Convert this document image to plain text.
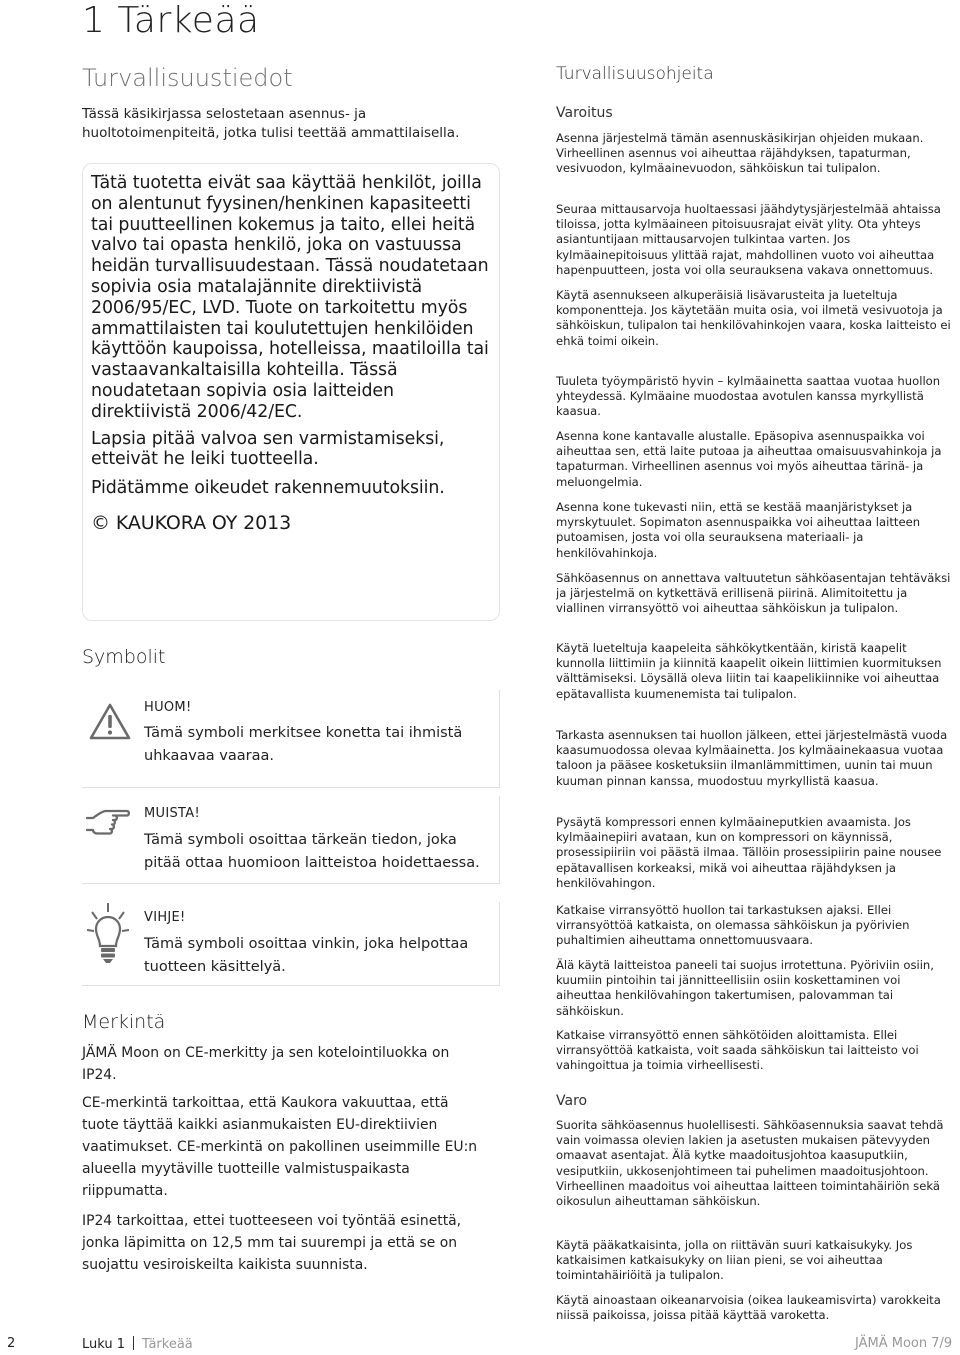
1 Tärkeää
Turvallisuustiedot
Tässä käsikirjassa selostetaan asennus- ja huoltotoimenpiteitä, jotka tulisi teettää ammattilaisella.

Tätä tuotetta eivät saa käyttää henkilöt, joilla on alentunut fyysinen/henkinen kapasiteetti tai puutteellinen kokemus ja taito, ellei heitä valvo tai opasta henkilö, joka on vastuussa heidän turvallisuudestaan. Tässä noudatetaan sopivia osia matalajännite direktiivistä 2006/95/EC, LVD. Tuote on tarkoitettu myös ammattilaisten tai koulutettujen henkilöiden käyttöön kaupoissa, hotelleissa, maatiloilla tai vastaavankaltaisilla kohteilla. Tässä noudatetaan sopivia osia laitteiden direktiivistä 2006/42/EC.

Lapsia pitää valvoa sen varmistamiseksi, etteivät he leiki tuotteella.

Pidätämme oikeudet rakennemuutoksiin.

© KAUKORA OY 2013

Symbolit
HUOM!
Tämä symboli merkitsee konetta tai ihmistä uhkaavaa vaaraa.
MUISTA!
Tämä symboli osoittaa tärkeän tiedon, joka pitää ottaa huomioon laitteistoa hoidettaessa.
VIHJE!
Tämä symboli osoittaa vinkin, joka helpottaa tuotteen käsittelyä.
Merkintä

JÄMÄ Moon on CE-merkitty ja sen kotelointiluokka on IP24.

CE-merkintä tarkoittaa, että Kaukora vakuuttaa, että tuote täyttää kaikki asianmukaisten EU-direktiivien vaatimukset. CE-merkintä on pakollinen useimmille EU:n alueella myytäville tuotteille valmistuspaikasta riippumatta.

IP24 tarkoittaa, ettei tuotteeseen voi työntää esinettä, jonka läpimitta on 12,5 mm tai suurempi ja että se on suojattu vesiroiskeilta kaikista suunnista.

Turvallisuusohjeita
Varoitus

Asenna järjestelmä tämän asennuskäsikirjan ohjeiden mukaan. Virheellinen asennus voi aiheuttaa räjähdyksen, tapaturman, vesivuodon, kylmäainevuodon, sähköiskun tai tulipalon.

Seuraa mittausarvoja huoltaessasi jäähdytysjärjestelmää ahtaissa tiloissa, jotta kylmäaineen pitoisuusrajat eivät ylity. Ota yhteys asiantuntijaan mittausarvojen tulkintaa varten. Jos kylmäainepitoisuus ylittää rajat, mahdollinen vuoto voi aiheuttaa hapenpuutteen, josta voi olla seurauksena vakava onnettomuus.

Käytä asennukseen alkuperäisiä lisävarusteita ja lueteltuja komponentteja. Jos käytetään muita osia, voi ilmetä vesivuotoja ja sähköiskun, tulipalon tai henkilövahinkojen vaara, koska laitteisto ei ehkä toimi oikein.

Tuuleta työympäristö hyvin – kylmäainetta saattaa vuotaa huollon yhteydessä. Kylmäaine muodostaa avotulen kanssa myrkyllistä kaasua.

Asenna kone kantavalle alustalle. Epäsopiva asennuspaikka voi aiheuttaa sen, että laite putoaa ja aiheuttaa omaisuusvahinkoja ja tapaturman. Virheellinen asennus voi myös aiheuttaa tärinä- ja meluongelmia.

Asenna kone tukevasti niin, että se kestää maanjäristykset ja myrskytuulet. Sopimaton asennuspaikka voi aiheuttaa laitteen putoamisen, josta voi olla seurauksena materiaali- ja henkilövahinkoja.

Sähköasennus on annettava valtuutetun sähköasentajan tehtäväksi ja järjestelmä on kytkettävä erillisenä piirinä. Alimitoitettu ja viallinen virransyöttö voi aiheuttaa sähköiskun ja tulipalon.

Käytä lueteltuja kaapeleita sähkökytkentään, kiristä kaapelit kunnolla liittimiin ja kiinnitä kaapelit oikein liittimien kuormituksen välttämiseksi. Löysällä oleva liitin tai kaapelikiinnike voi aiheuttaa epätavallista kuumenemista tai tulipalon.

Tarkasta asennuksen tai huollon jälkeen, ettei järjestelmästä vuoda kaasumuodossa olevaa kylmäainetta. Jos kylmäainekaasua vuotaa taloon ja pääsee kosketuksiin ilmanlämmittimen, uunin tai muun kuuman pinnan kanssa, muodostuu myrkyllistä kaasua.

Pysäytä kompressori ennen kylmäaineputkien avaamista. Jos kylmäainepiiri avataan, kun on kompressori on käynnissä, prosessipiiriin voi päästä ilmaa. Tällöin prosessipiirin paine nousee epätavallisen korkeaksi, mikä voi aiheuttaa räjähdyksen ja henkilövahingon.

Katkaise virransyöttö huollon tai tarkastuksen ajaksi. Ellei virransyöttöä katkaista, on olemassa sähköiskun ja pyörivien puhaltimien aiheuttama onnettomuusvaara.

Älä käytä laitteistoa paneeli tai suojus irrotettuna. Pyöriviin osiin, kuumiin pintoihin tai jännitteellisiin osiin koskettaminen voi aiheuttaa henkilövahingon takertumisen, palovamman tai sähköiskun.

Katkaise virransyöttö ennen sähkötöiden aloittamista. Ellei virransyöttöä katkaista, voit saada sähköiskun tai laitteisto voi vahingoittua ja toimia virheellisesti.

Varo

Suorita sähköasennus huolellisesti. Sähköasennuksia saavat tehdä vain voimassa olevien lakien ja asetusten mukaisen pätevyyden omaavat asentajat. Älä kytke maadoitusjohtoa kaasuputkiin, vesiputkiin, ukkosenjohtimeen tai puhelimen maadoitusjohtoon. Virheellinen maadoitus voi aiheuttaa laitteen toimintahäiriön sekä oikosulun aiheuttaman sähköiskun.

Käytä pääkatkaisinta, jolla on riittävän suuri katkaisukyky. Jos katkaisimen katkaisukyky on liian pieni, se voi aiheuttaa toimintahäiriöitä ja tulipalon.

Käytä ainoastaan oikeanarvoisia (oikea laukeamisvirta) varokkeita niissä paikoissa, joissa pitää käyttää varoketta.

2	Luku 1 Tärkeää	JÄMÄ Moon 7/9
